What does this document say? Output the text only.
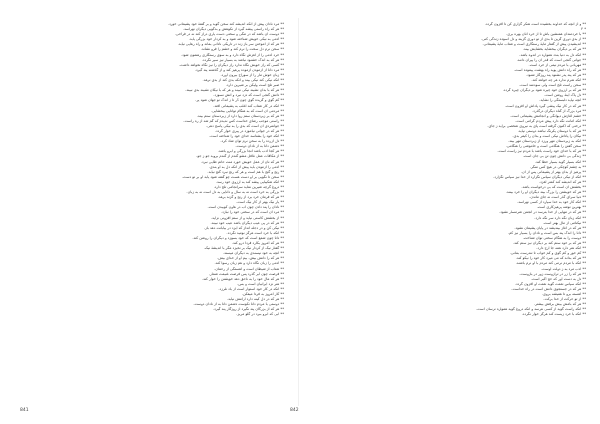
** مرد نادان پیش از آنکه اندیشه کند سخن گوید و بر گفتهٔ خود پشیمانی خورد.
** هر که راه راستی پیشه گیرد از نکوهش و بدگویی دیگران نهراسد.
** دوست آن باشد که در تنگی و سختی دست یاری دراز کند نه در فراخی.
** آدمی به نیکی خویش شناخته شود و به کردار خود بزرگی یابد.
** هر که از آموختن سر باز زند در تاریکی نادانی بماند و راه رهایی نیابد.
** سخن نرم دل سخت را نرم کند و خشم را فرو نشاند.
** خرد آدمی را از لغزش نگاه دارد و به سوی رستگاری رهنمون شود.
** هر که به اندک خشنود نباشد به بسیار نیز سیر نگردد.
** کسی که راز خویش نگاه ندارد راز دیگران را نیز نگاه نخواهد داشت.
** مرد دانا از آزمودن آزموده پرهیز کند و از گذشته پند گیرد.
** زبان خوش مار را از سوراخ بیرون آورد.
** آنکه نیکی کند نیکی بیند و آنکه بدی کند از بدی نرهد.
** صبر تلخ است ولیکن بر شیرین دارد.
** هر که با بدان نشیند نیکی نبیند و هر که با نیکان نشیند بدی نبیند.
** دانش گنجی است که دزد نبرد و آتش نسوزد.
** کم گوی و گزیده گوی چون دُر تا ز اندک تو جهان شود پر.
** آنکه در کار شتاب کند اغلب به پشیمانی افتد.
** مردمی آن است که به هنگام توانایی ببخشایی.
** هر که بر زیردستان ستم روا دارد از زبردستان ستم بیند.
** راستی موجب رضای خداست کس ندیدم که گم شد از ره راست.
** جوانمردی آن است که بدی را به نیکی پاسخ دهی.
** هر که در جوانی نیاموزد در پیری خوار گردد.
** آنکه خود را بشناسد خدای خود را شناخته است.
** دل آزرده را به سخن نرم توان شاد کرد.
** دشمن دانا به از نادان دوست.
** هر کجا ادب باشد آنجا بزرگی و آبرو باشد.
** از مکافات عمل غافل مشو گندم از گندم بروید جو ز جو.
** هر که نان از عمل خویش خورد منت حاتم طایی نبرد.
** آدمی را آزمودن باید پیش از آنکه دل به او بندی.
** رنج و گنج با هم است و هر که رنج نبرد گنج نیابد.
** سخن تا نگویی بر او دست هست چو گفته شود یابد او بر تو دست.
** آنکه شکیبایی پیشه کند به آرزوی خود رسد.
** دروغ گرچه شیرین نماید سرانجامی تلخ دارد.
** بزرگی به خرد است نه به سال و دانایی به دل است نه به زبان.
** هر که فرمان خرد برد از رنج و گزند برهد.
** یار نیک بهتر از کار نیک است.
** نادان را پند دادن چون آب در هاون کوبیدن است.
** مرد آن است که در سختی خود را نبازد.
** از بخشش کاستی نیاید و از ستم افزونی نزاید.
** هر که در پی عیب دیگران باشد عیب خود نبیند.
** نیکی کن و در دجله انداز که ایزد در بیابانت دهد باز.
** آنکه با خرد است هرگز نومید نگردد.
** دانا چون شمع است که خود بسوزد و دیگران را روشن کند.
** هر که امروز بکارد فردا درو کند.
** گفتار نیک از کردار نیک بر نخیزد مگر با اندیشهٔ نیک.
** آنچه به خود نپسندی به دیگران مپسند.
** هر که را دانش بیش، بیم او از خدای بیش.
** آدمی را زبان نگاه دارد و هم زبان رسوا کند.
** شتاب از شیطان است و آهستگی از رحمان.
** فرصت چون ابر گذرد پس فرصت غنیمت شمار.
** هر که مال خود را به ناحق دهد خویشتن را خوار کند.
** هنر نزد ایرانیان است و بس.
** آنکه در کار خود استوار است از باد نلرزد.
** کار امروز به فردا میفکن.
** هر که در دل کینه دارد آرامش نیابد.
** دوستی با مردم دانا نکوست دشمن دانا به از نادان دوست.
** هر که از بزرگان پند نگیرد از روزگار پند گیرد.
** آبی که آبرو ببرد در گلو مریز.
** و از آنچه که خداوند بخشیده است شکر گزاری کن تا افزون گردد.
* ۴
** با خردمندان همنشین باش تا از خرد آنان بهره بری.
** از بدی دوری گزین تا بدی از تو دوری گزیند و دل آسوده زندگی کنی.
** اندیشیدن پیش از گفتار مایهٔ رستگاری است و شتاب مایهٔ پشیمانی.
** هر که بر دیگران ببخشاید بخشایش بیند.
** آنکه دل به دنیا بندد همواره در اندوه باشد.
** جوانی گنجی است که قدر آن را پیران دانند.
** مهربانی با مردم نیمی از خرد است.
** هر که راه دانش پوید راه بهشت پیموده است.
** هر که پند پدر نشنود پند روزگار شنود.
** آنکه شرم ندارد هر چه خواهد کند.
** سخن راست تلخ است ولی سودمند است.
** هر که بر آرزوی خود چیره شود بر دیگران چیره گردد.
** دل پاک آینهٔ روشن است.
** آنچه نپاید دلبستگی را نشاید.
** هر که در کار نیک پیشی گیرد پاداش او افزون است.
** مرد بزرگ از گناه دیگران درگذرد.
** خشم آغازش دیوانگی و انجامش پشیمانی است.
** آنکه امانت نگه دارد پیش مردم گرامی است.
** درختی که اکنون گرفته است پای به نیروی شخصی برآید ز جای.
** هر که با دوستان یکرنگ نباشد دوستی نپاید.
** نیکان را پاداش نیکی است و بدان را کیفر بدی.
** آنکه به زیردستان مهر ورزد از زبردستان مهر بیند.
** سخن گفتن را هنگامی است و خاموشی را هنگامی.
** هر که با خدای خود راست باشد با مردم نیز راست است.
** زندگی بی دانش چون تن بی جان است.
** آنکه بسیار گوید بسیار خطا کند.
** به چشم کوچکی در هیچ کس منگر.
** پرهیز از بدان بهتر از پشیمانی پس از آن.
** آنکه از نیکی دیگران سپاس نگزارد از خدا نیز سپاس نگزارد.
** هر که اندیشه کند کمتر لغزد.
** بخشش آن است که بی درخواست باشد.
** هر که خویشتن را بزرگ بیند دیگران او را خرد بینند.
** دنیا سرای گذر است نه جای ماندن.
** آنکه کار خود به خدا سپارد از کسی نهراسد.
** بهترین توشه پرهیزکاری است.
** هر که در تنهایی از خدا بترسد در انجمن شرمسار نشود.
** آنکه زبان نگه دارد سر نگه دارد.
** نیکنامی از مال بهتر است.
** هر که در آغاز بیندیشد در پایان پشیمان نشود.
** دانا را اندک پند بس است و نادان را بسیار نیز کم.
** دوست را به هنگام سختی توان شناخت.
** هر که بر خود ستم کند بر دیگران نیز ستم کند.
** آنکه هنر دارد همه جا ارج دارد.
** کم خور و کم گوی و کم خواب تا تندرست بمانی.
** هر که بداند که می میرد کار خود را نیکو کند.
** آنکه با مردم نرمی کند مردم با او نرم باشند.
** ادب مرد به ز دولت اوست.
** هر که را زر در ترازوست زور در بازوست.
** دل به دست آور که حج اکبر است.
** آنکه سپاس نعمت گوید نعمت او افزون گردد.
** هر که در جستجوی دانش است در راه خداست.
** آهسته برو تا همیشه بروی.
** از تو حرکت از خدا برکت.
** هر که بامش بیش برفش بیشتر.
** آنکه راست گوید از کسی نترسد و آنکه دروغ گوید همواره ترسان است.
** آنکه با خرد زیست کند هرگز خوار نگردد.
841	842
